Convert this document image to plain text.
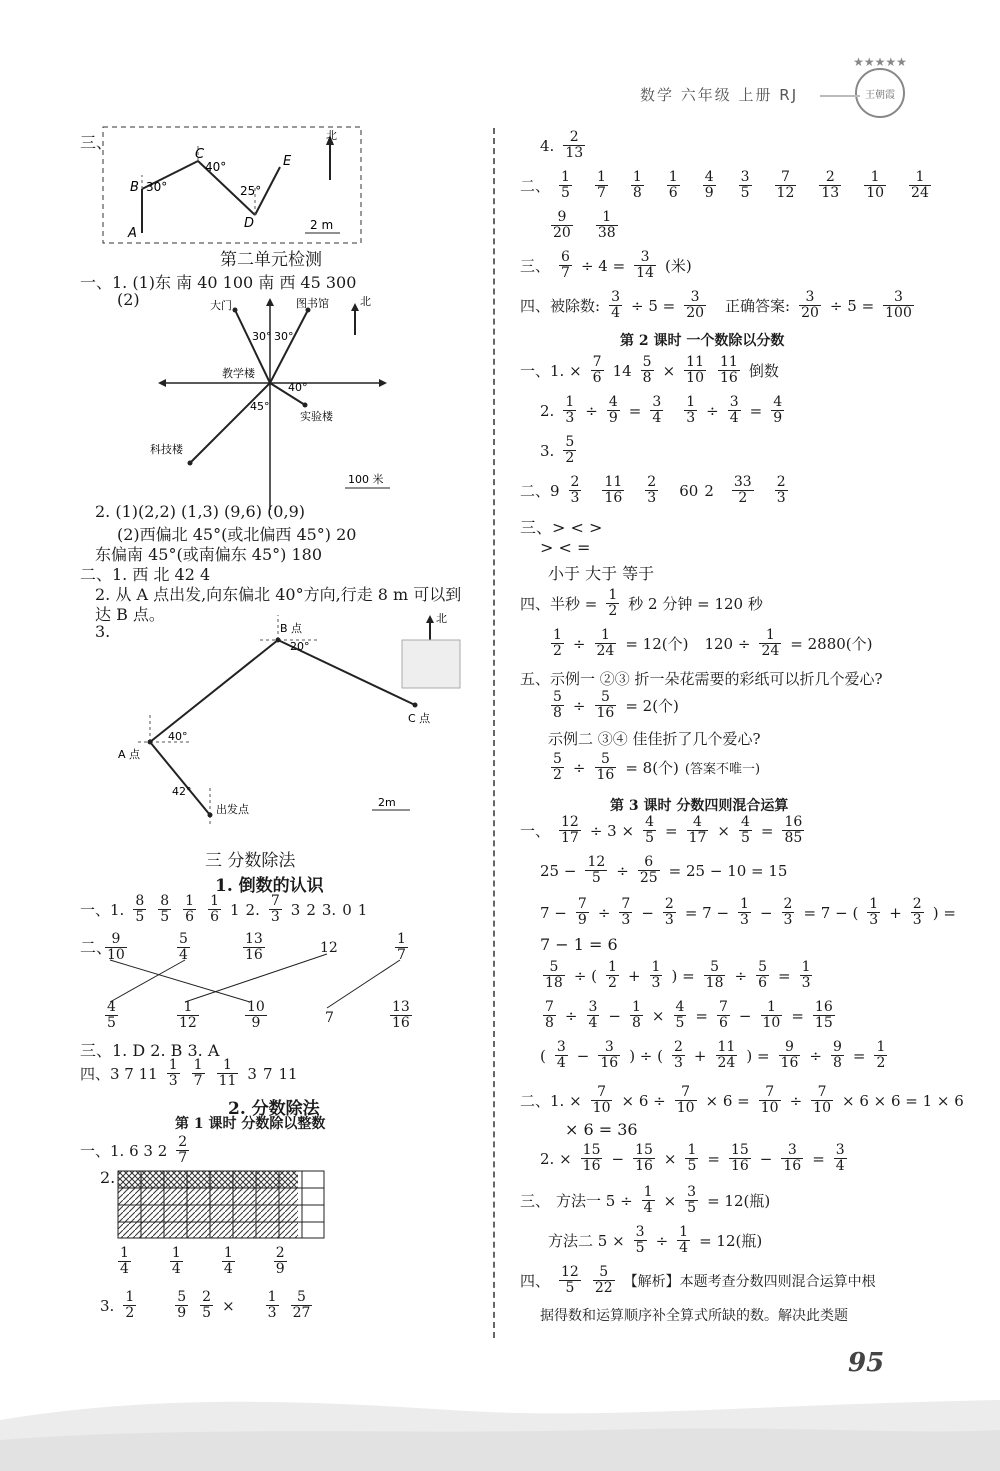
数学 六年级 上册 RJ	王朝霞
★★★★★
三、	北
A
B
C
D
E
30°
40°
25°
2 m
第二单元检测
一、1. (1)东 南 40 100 南 西 45 300
(2)	北
大门	图书馆
教学楼
实验楼
科技楼
30° 30°
40°
45°
100 米
2. (1)(2,2) (1,3) (9,6) (0,9)
(2)西偏北 45°(或北偏西 45°) 20
东偏南 45°(或南偏东 45°) 180
二、1. 西 北 42 4
2. 从 A 点出发,向东偏北 40°方向,行走 8 m 可以到
达 B 点。
3.	B 点
20°
C 点
A 点
40°
42°
出发点
北
2m
三 分数除法
1. 倒数的认识
一、1. $\frac{8}{5} \frac{8}{5} \frac{1}{6} \frac{1}{6} 1$ 2. $\frac{7}{3} 3$ 2 3. 0 1
二、
$\frac{9}{10}$	$\frac{5}{4}$	$\frac{13}{16}$	12	$\frac{1}{7}$
$\frac{4}{5}$	$\frac{1}{12}$	$\frac{10}{9}$	7	$\frac{13}{16}$
三、1. D 2. B 3. A
四、3 7 $11 \frac{1}{3} \frac{1}{7} \frac{1}{11} 3$ 7 11
2. 分数除法
第 1 课时 分数除以整数
一、1. 6 3 $2 \frac{2}{7}$
2.
$\frac{1}{4}$	$\frac{1}{4}$	$\frac{1}{4}$	$\frac{2}{9}$
3. $\frac{1}{2}$	$\frac{5}{9} \frac{2}{5} \times \frac{1}{3} \frac{5}{27}$
4. $\frac{2}{13}$
二、 $\frac{1}{5} \frac{1}{7} \frac{1}{8} \frac{1}{6} \frac{4}{9} \frac{3}{5} \frac{7}{12} \frac{2}{13} \frac{1}{10} \frac{1}{24}$
$\frac{9}{20} \frac{1}{38}$
三、 $\frac{6}{7} \div 4 = \frac{3}{14}$ (米)
四、被除数: $\frac{3}{4} \div 5 = \frac{3}{20}$ 正确答案: $\frac{3}{20} \div 5 = \frac{3}{100}$
第 2 课时 一个数除以分数
一、1. × $\frac{7}{6} 14 \frac{5}{8} \times \frac{11}{10} \frac{11}{16}$ 倒数
2. $\frac{1}{3} \div \frac{4}{9} = \frac{3}{4} \frac{1}{3} \div \frac{3}{4} = \frac{4}{9}$
3. $\frac{5}{2}$
二、$9 \frac{2}{3} \frac{11}{16} \frac{2}{3} 60$ $2 \frac{33}{2} \frac{2}{3}$
三、> < >
> < =
小于 大于 等于
四、半秒 = $\frac{1}{2}$ 秒 2 分钟 = 120 秒
$\frac{1}{2} \div \frac{1}{24} = 12$(个) $120 \div \frac{1}{24} = 2880$(个)
五、示例一 ②③ 折一朵花需要的彩纸可以折几个爱心?
$\frac{5}{8} \div \frac{5}{16} = 2$(个)
示例二 ③④ 佳佳折了几个爱心?
$\frac{5}{2} \div \frac{5}{16} = 8$(个) (答案不唯一)
第 3 课时 分数四则混合运算
一、 $\frac{12}{17} \div 3 \times \frac{4}{5} = \frac{4}{17} \times \frac{4}{5} = \frac{16}{85}$
$25 - \frac{12}{5} \div \frac{6}{25} = 25 - 10 = 15$
$7 - \frac{7}{9} \div \frac{7}{3} - \frac{2}{3} = 7 - \frac{1}{3} - \frac{2}{3} = 7$ − ( $\frac{1}{3} + \frac{2}{3}$ ) =
7 − 1 = 6
$\frac{5}{18}$ ÷ ( $\frac{1}{2} + \frac{1}{3}$ ) = $\frac{5}{18} \div \frac{5}{6} = \frac{1}{3}$
$\frac{7}{8} \div \frac{3}{4} - \frac{1}{8} \times \frac{4}{5} = \frac{7}{6} - \frac{1}{10} = \frac{16}{15}$
( $\frac{3}{4} - \frac{3}{16}$ ) ÷ ( $\frac{2}{3} + \frac{11}{24}$ ) = $\frac{9}{16} \div \frac{9}{8} = \frac{1}{2}$
二、1. × $\frac{7}{10} \times 6 \div \frac{7}{10} \times 6 = \frac{7}{10} \div \frac{7}{10} \times 6 \times 6 = 1 \times 6$
× 6 = 36
2. × $\frac{15}{16} - \frac{15}{16} \times \frac{1}{5} = \frac{15}{16} - \frac{3}{16} = \frac{3}{4}$
三、 方法一 $5 \div \frac{1}{4} \times \frac{3}{5} = 12$(瓶)
方法二 $5 \times \frac{3}{5} \div \frac{1}{4} = 12$(瓶)
四、 $\frac{12}{5} \frac{5}{22}$ 【解析】本题考查分数四则混合运算中根
据得数和运算顺序补全算式所缺的数。解决此类题
95
